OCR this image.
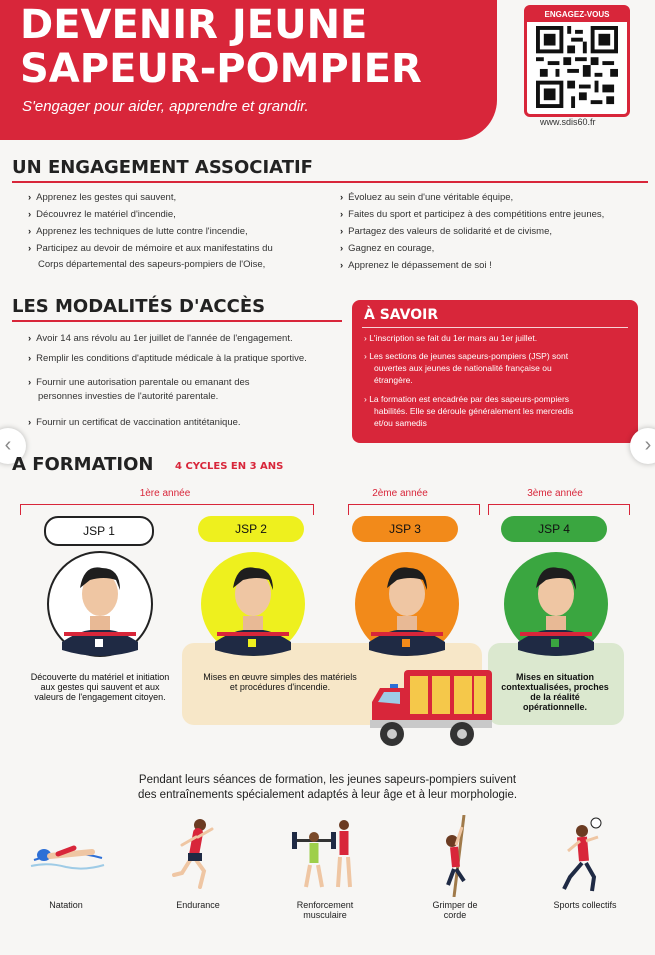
DEVENIR JEUNE
SAPEUR-POMPIER
S'engager pour aider, apprendre et grandir.
ENGAGEZ-VOUS
www.sdis60.fr
UN ENGAGEMENT ASSOCIATIF
› Apprenez les gestes qui sauvent,
› Découvrez le matériel d'incendie,
› Apprenez les techniques de lutte contre l'incendie,
› Participez au devoir de mémoire et aux manifestatins du
Corps départemental des sapeurs-pompiers de l'Oise,
› Évoluez au sein d'une véritable équipe,
› Faites du sport et participez à des compétitions entre jeunes,
› Partagez des valeurs de solidarité et de civisme,
› Gagnez en courage,
› Apprenez le dépassement de soi !
LES MODALITÉS D'ACCÈS
› Avoir 14 ans révolu au 1er juillet de l'année de l'engagement.
› Remplir les conditions d'aptitude médicale à la pratique sportive.
› Fournir une autorisation parentale ou emanant des
personnes investies de l'autorité parentale.
› Fournir un certificat de vaccination antitétanique.
À SAVOIR
› L'inscription se fait du 1er mars au 1er juillet.
› Les sections de jeunes sapeurs-pompiers (JSP) sont
ouvertes aux jeunes de nationalité française ou
étrangère.
› La formation est encadrée par des sapeurs-pompiers
habilités. Elle se déroule généralement les mercredis
et/ou samedis
‹	›
A FORMATION 4 CYCLES EN 3 ANS
1ère année	2ème année	3ème année
JSP 1	JSP 2	JSP 3	JSP 4
Découverte du matériel et initiation aux gestes qui sauvent et aux valeurs de l'engagement citoyen.
Mises en œuvre simples des matériels et procédures d'incendie.
Mises en situation contextualisées, proches de la réalité opérationnelle.
Pendant leurs séances de formation, les jeunes sapeurs-pompiers suivent
des entraînements spécialement adaptés à leur âge et à leur morphologie.
Natation	Endurance	Renforcement musculaire
Grimper de corde
Sports collectifs
